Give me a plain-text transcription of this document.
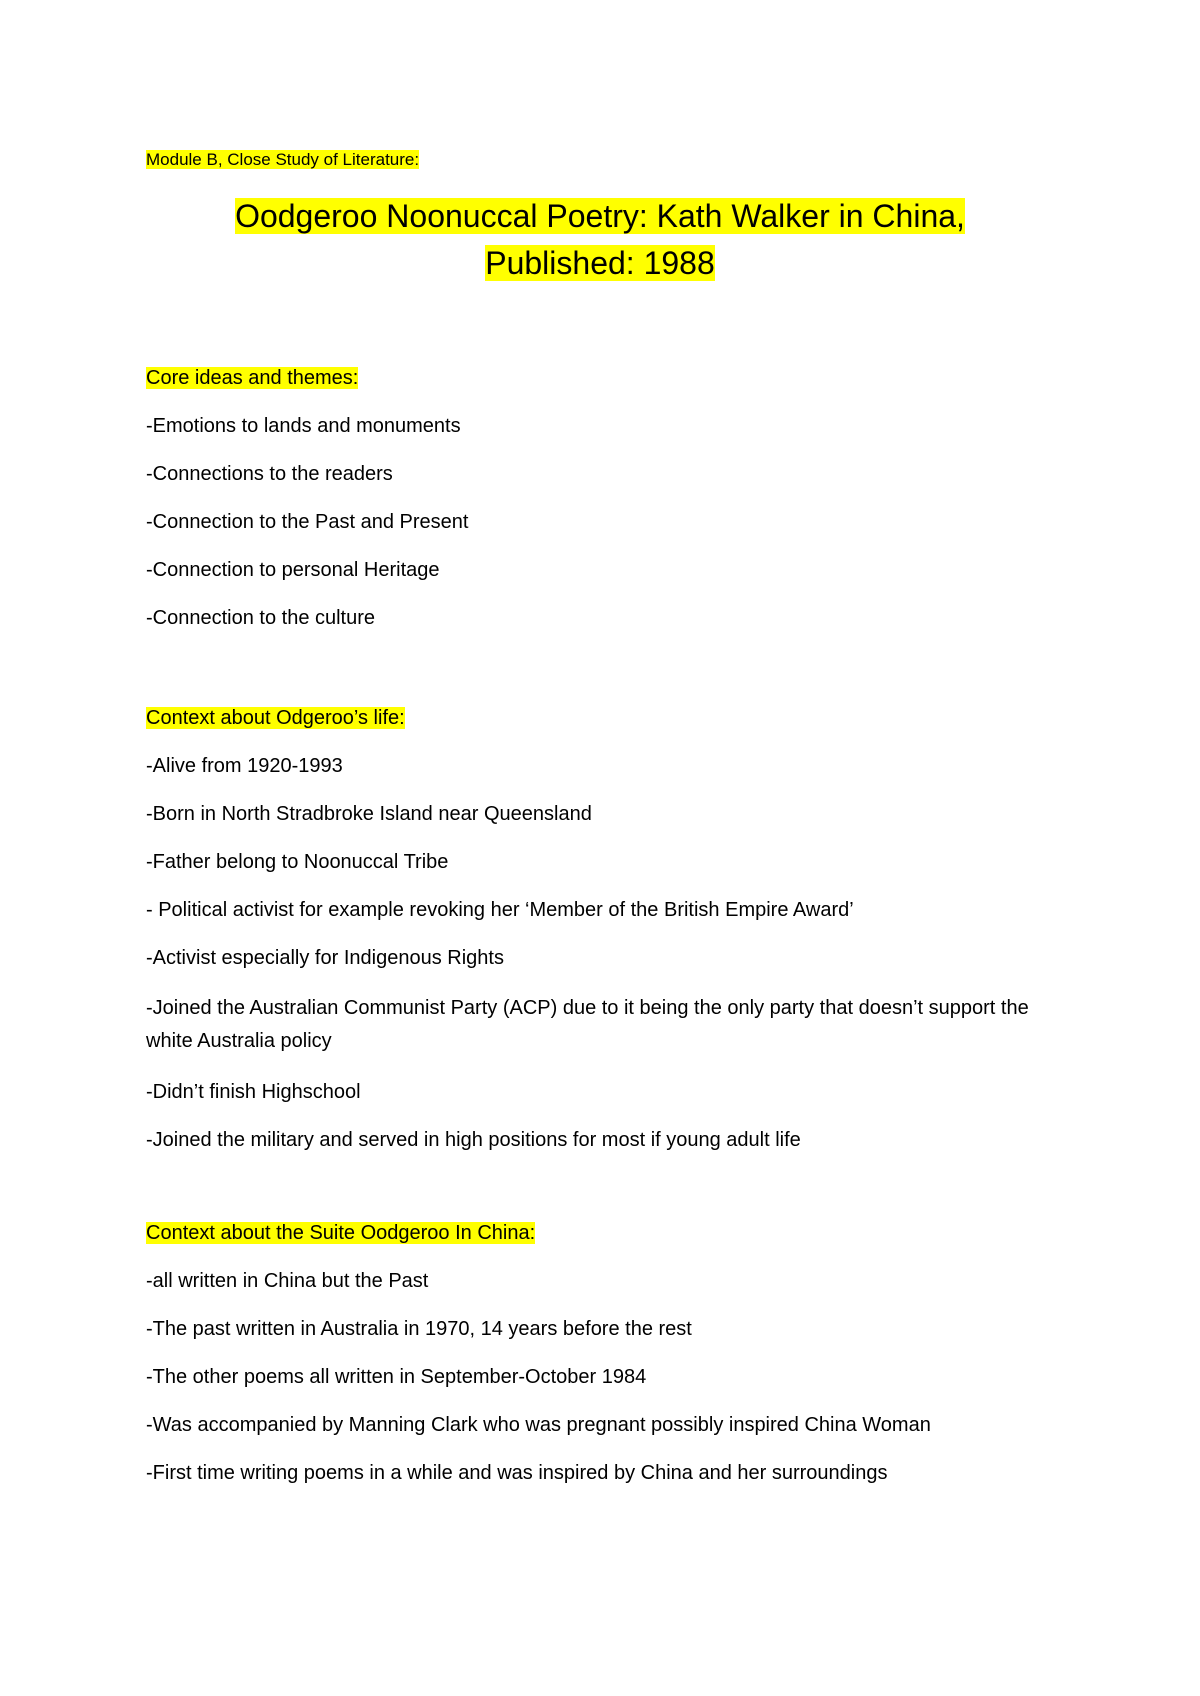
Module B, Close Study of Literature:
Oodgeroo Noonuccal Poetry: Kath Walker in China,
Published: 1988
Core ideas and themes:
-Emotions to lands and monuments
-Connections to the readers
-Connection to the Past and Present
-Connection to personal Heritage
-Connection to the culture
Context about Odgeroo’s life:
-Alive from 1920-1993
-Born in North Stradbroke Island near Queensland
-Father belong to Noonuccal Tribe
- Political activist for example revoking her ‘Member of the British Empire Award’
-Activist especially for Indigenous Rights
-Joined the Australian Communist Party (ACP) due to it being the only party that doesn’t support the white Australia policy
-Didn’t finish Highschool
-Joined the military and served in high positions for most if young adult life
Context about the Suite Oodgeroo In China:
-all written in China but the Past
-The past written in Australia in 1970, 14 years before the rest
-The other poems all written in September-October 1984
-Was accompanied by Manning Clark who was pregnant possibly inspired China Woman
-First time writing poems in a while and was inspired by China and her surroundings
